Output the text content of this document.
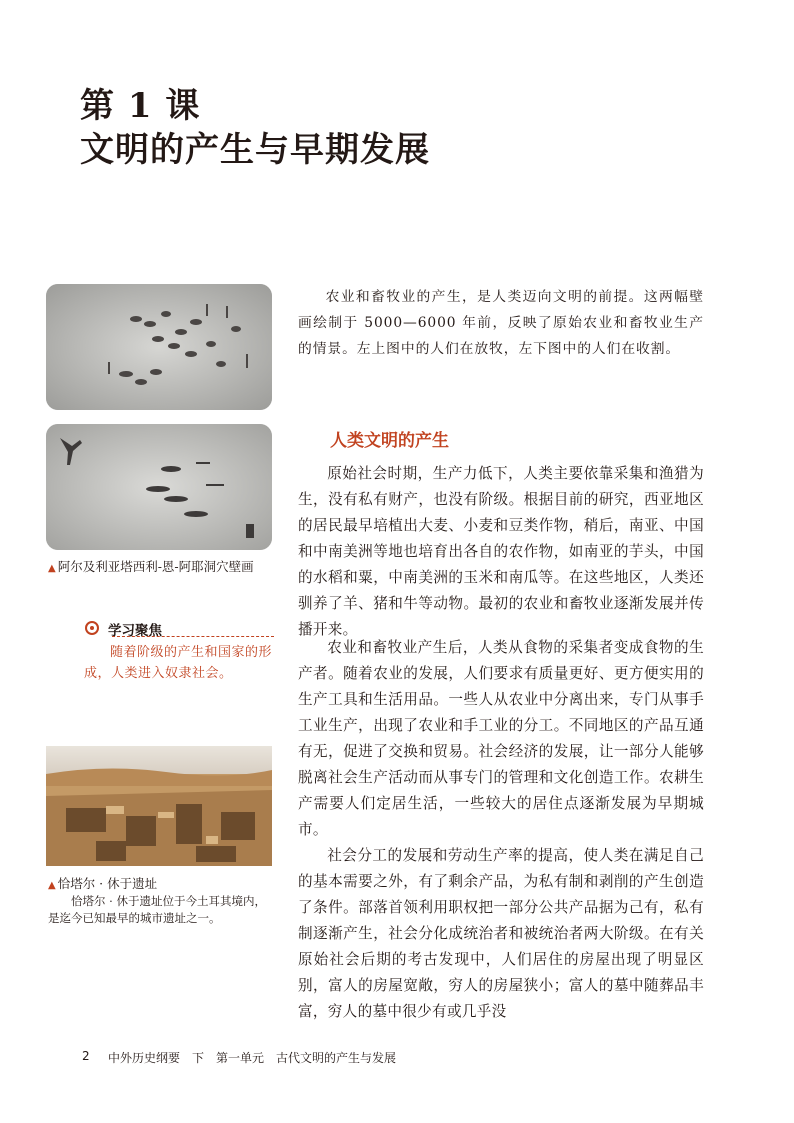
第 1 课
文明的产生与早期发展
▲ 阿尔及利亚塔西利-恩-阿耶洞穴壁画
学习聚焦
随着阶级的产生和国家的形成，人类进入奴隶社会。
▲ 恰塔尔 · 休于遗址
恰塔尔 · 休于遗址位于今土耳其境内，是迄今已知最早的城市遗址之一。
农业和畜牧业的产生，是人类迈向文明的前提。这两幅壁画绘制于 5000—6000 年前，反映了原始农业和畜牧业生产的情景。左上图中的人们在放牧，左下图中的人们在收割。
人类文明的产生
原始社会时期，生产力低下，人类主要依靠采集和渔猎为生，没有私有财产，也没有阶级。根据目前的研究，西亚地区的居民最早培植出大麦、小麦和豆类作物，稍后，南亚、中国和中南美洲等地也培育出各自的农作物，如南亚的芋头，中国的水稻和粟，中南美洲的玉米和南瓜等。在这些地区，人类还驯养了羊、猪和牛等动物。最初的农业和畜牧业逐渐发展并传播开来。
农业和畜牧业产生后，人类从食物的采集者变成食物的生产者。随着农业的发展，人们要求有质量更好、更方便实用的生产工具和生活用品。一些人从农业中分离出来，专门从事手工业生产，出现了农业和手工业的分工。不同地区的产品互通有无，促进了交换和贸易。社会经济的发展，让一部分人能够脱离社会生产活动而从事专门的管理和文化创造工作。农耕生产需要人们定居生活，一些较大的居住点逐渐发展为早期城市。
社会分工的发展和劳动生产率的提高，使人类在满足自己的基本需要之外，有了剩余产品，为私有制和剥削的产生创造了条件。部落首领利用职权把一部分公共产品据为己有，私有制逐渐产生，社会分化成统治者和被统治者两大阶级。在有关原始社会后期的考古发现中，人们居住的房屋出现了明显区别，富人的房屋宽敞，穷人的房屋狭小；富人的墓中随葬品丰富，穷人的墓中很少有或几乎没
2 中外历史纲要　下　第一单元　古代文明的产生与发展
